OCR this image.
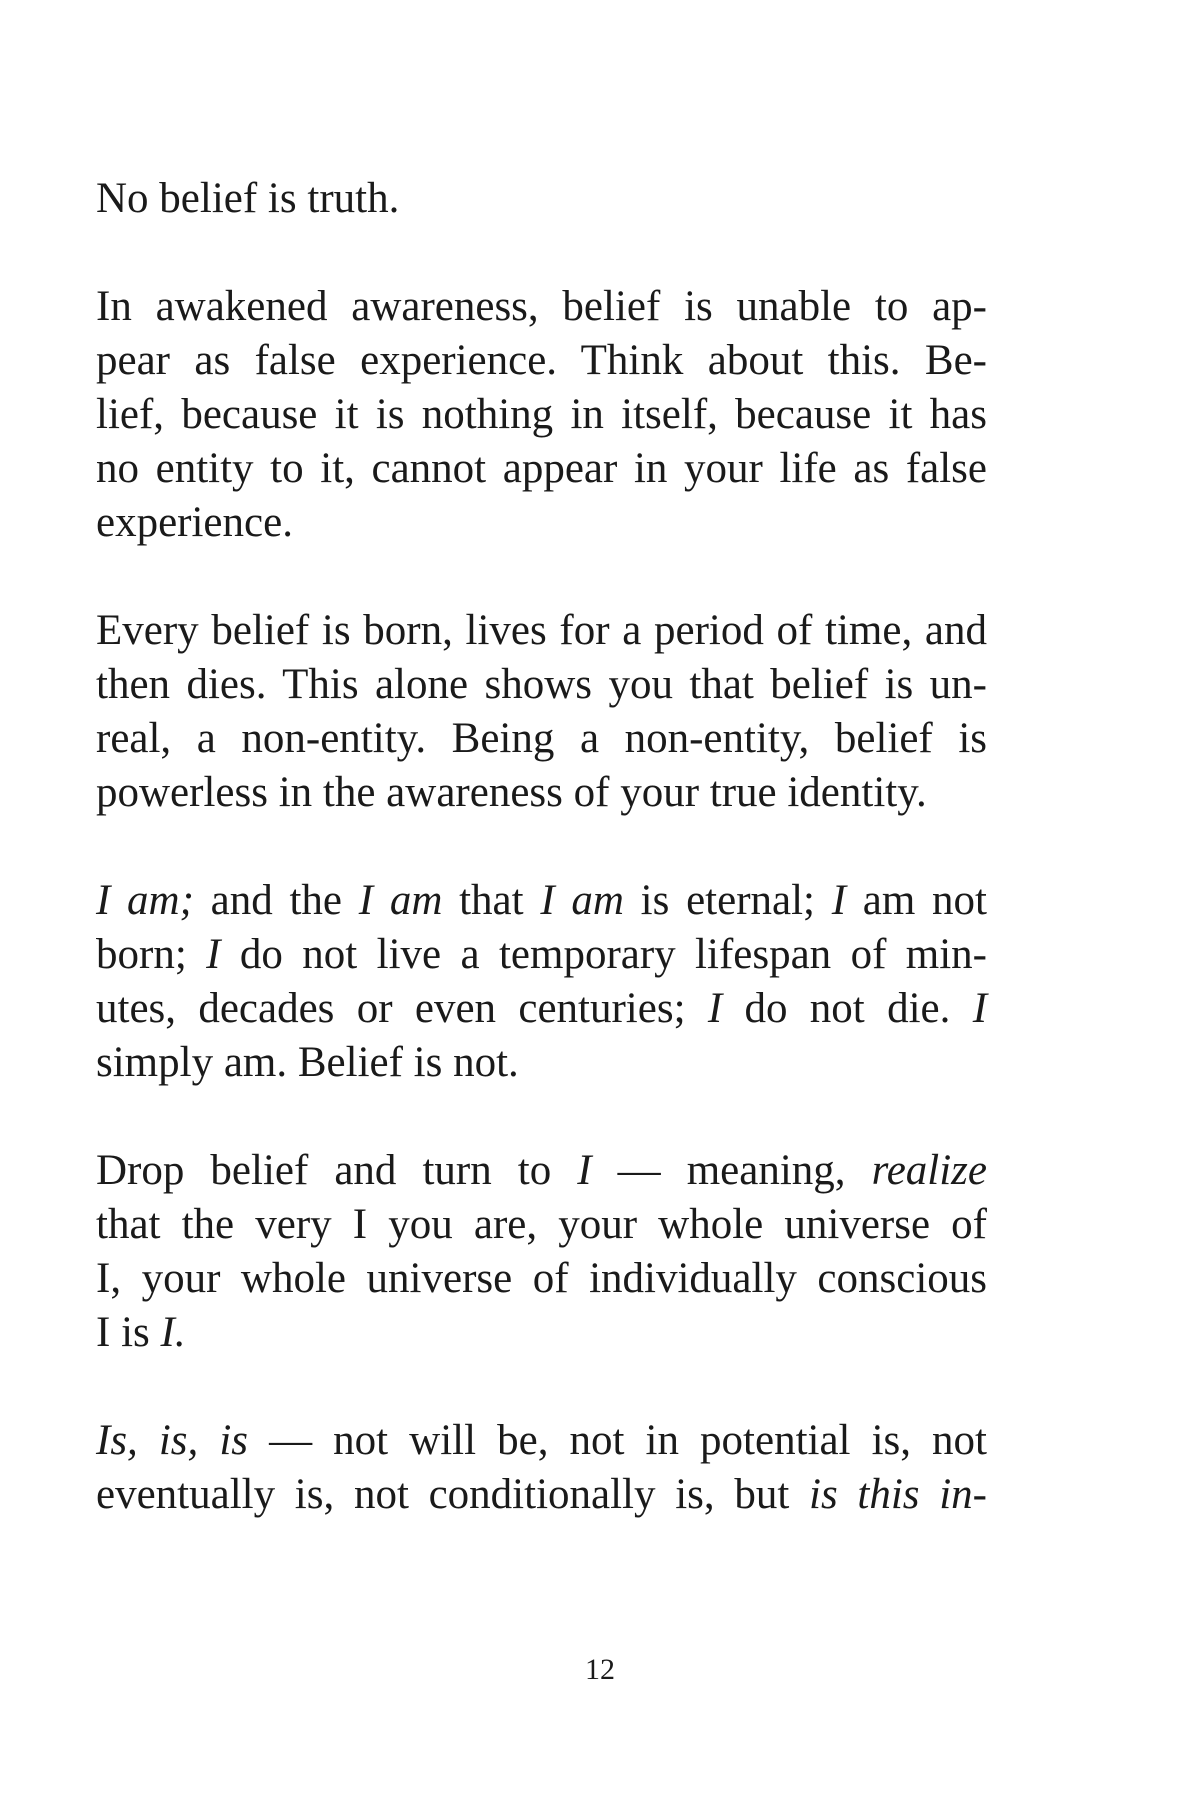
No belief is truth.

In awakened awareness, belief is unable to ap-
pear as false experience. Think about this. Be-
lief, because it is nothing in itself, because it has
no entity to it, cannot appear in your life as false
experience.

Every belief is born, lives for a period of time, and
then dies. This alone shows you that belief is un-
real, a non-entity. Being a non-entity, belief is
powerless in the awareness of your true identity.

I am; and the I am that I am is eternal; I am not
born; I do not live a temporary lifespan of min-
utes, decades or even centuries; I do not die. I
simply am. Belief is not.

Drop belief and turn to I — meaning, realize
that the very I you are, your whole universe of
I, your whole universe of individually conscious
I is I.

Is, is, is — not will be, not in potential is, not
eventually is, not conditionally is, but is this in-

12
